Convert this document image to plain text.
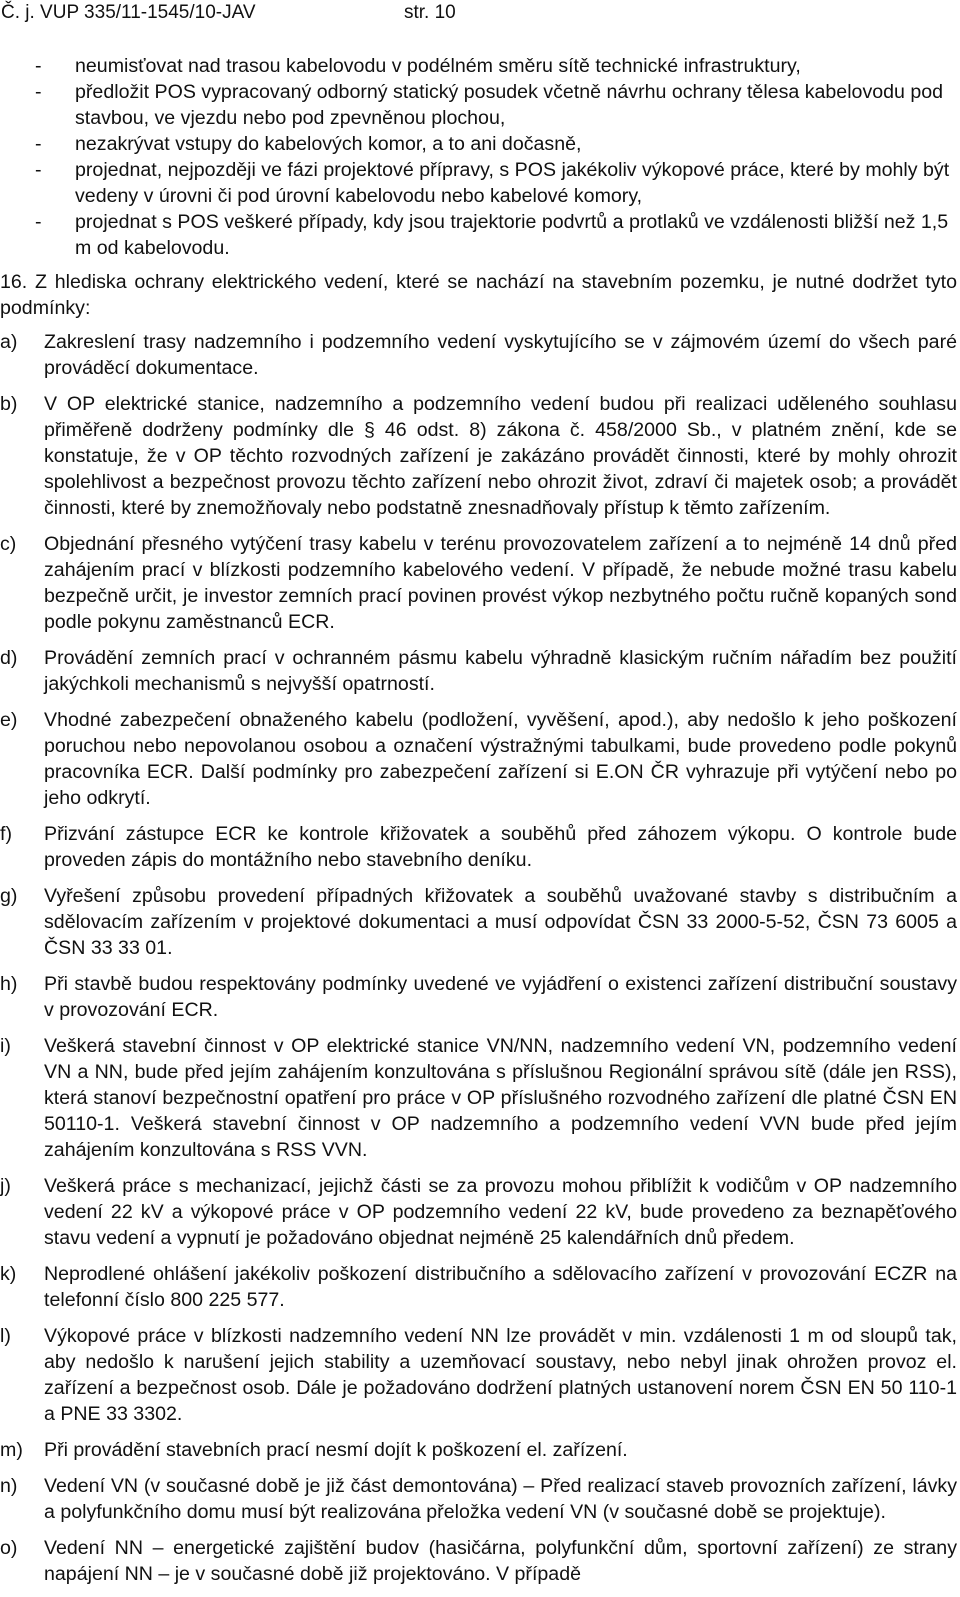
Č. j. VUP 335/11-1545/10-JAV	str. 10
- neumisťovat nad trasou kabelovodu v podélném směru sítě technické infrastruktury,
- předložit POS vypracovaný odborný statický posudek včetně návrhu ochrany tělesa kabelovodu pod stavbou, ve vjezdu nebo pod zpevněnou plochou,
- nezakrývat vstupy do kabelových komor, a to ani dočasně,
- projednat, nejpozději ve fázi projektové přípravy, s POS jakékoliv výkopové práce, které by mohly být vedeny v úrovni či pod úrovní kabelovodu nebo kabelové komory,
- projednat s POS veškeré případy, kdy jsou trajektorie podvrtů a protlaků ve vzdálenosti bližší než 1,5 m od kabelovodu.
16. Z hlediska ochrany elektrického vedení, které se nachází na stavebním pozemku, je nutné dodržet tyto podmínky:
a) Zakreslení trasy nadzemního i podzemního vedení vyskytujícího se v zájmovém území do všech paré prováděcí dokumentace.

b) V OP elektrické stanice, nadzemního a podzemního vedení budou při realizaci uděleného souhlasu přiměřeně dodrženy podmínky dle § 46 odst. 8) zákona č. 458/2000 Sb., v platném znění, kde se konstatuje, že v OP těchto rozvodných zařízení je zakázáno provádět činnosti, které by mohly ohrozit spolehlivost a bezpečnost provozu těchto zařízení nebo ohrozit život, zdraví či majetek osob; a provádět činnosti, které by znemožňovaly nebo podstatně znesnadňovaly přístup k těmto zařízením.

c) Objednání přesného vytýčení trasy kabelu v terénu provozovatelem zařízení a to nejméně 14 dnů před zahájením prací v blízkosti podzemního kabelového vedení. V případě, že nebude možné trasu kabelu bezpečně určit, je investor zemních prací povinen provést výkop nezbytného počtu ručně kopaných sond podle pokynu zaměstnanců ECR.

d) Provádění zemních prací v ochranném pásmu kabelu výhradně klasickým ručním nářadím bez použití jakýchkoli mechanismů s nejvyšší opatrností.

e) Vhodné zabezpečení obnaženého kabelu (podložení, vyvěšení, apod.), aby nedošlo k jeho poškození poruchou nebo nepovolanou osobou a označení výstražnými tabulkami, bude provedeno podle pokynů pracovníka ECR. Další podmínky pro zabezpečení zařízení si E.ON ČR vyhrazuje při vytýčení nebo po jeho odkrytí.

f) Přizvání zástupce ECR ke kontrole křižovatek a souběhů před záhozem výkopu. O kontrole bude proveden zápis do montážního nebo stavebního deníku.

g) Vyřešení způsobu provedení případných křižovatek a souběhů uvažované stavby s distribučním a sdělovacím zařízením v projektové dokumentaci a musí odpovídat ČSN 33 2000-5-52, ČSN 73 6005 a ČSN 33 33 01.

h) Při stavbě budou respektovány podmínky uvedené ve vyjádření o existenci zařízení distribuční soustavy v provozování ECR.

i) Veškerá stavební činnost v OP elektrické stanice VN/NN, nadzemního vedení VN, podzemního vedení VN a NN, bude před jejím zahájením konzultována s příslušnou Regionální správou sítě (dále jen RSS), která stanoví bezpečnostní opatření pro práce v OP příslušného rozvodného zařízení dle platné ČSN EN 50110-1. Veškerá stavební činnost v OP nadzemního a podzemního vedení VVN bude před jejím zahájením konzultována s RSS VVN.

j) Veškerá práce s mechanizací, jejichž části se za provozu mohou přiblížit k vodičům v OP nadzemního vedení 22 kV a výkopové práce v OP podzemního vedení 22 kV, bude provedeno za beznapěťového stavu vedení a vypnutí je požadováno objednat nejméně 25 kalendářních dnů předem.

k) Neprodlené ohlášení jakékoliv poškození distribučního a sdělovacího zařízení v provozování ECZR na telefonní číslo 800 225 577.

l) Výkopové práce v blízkosti nadzemního vedení NN lze provádět v min. vzdálenosti 1 m od sloupů tak, aby nedošlo k narušení jejich stability a uzemňovací soustavy, nebo nebyl jinak ohrožen provoz el. zařízení a bezpečnost osob. Dále je požadováno dodržení platných ustanovení norem ČSN EN 50 110-1 a PNE 33 3302.

m) Při provádění stavebních prací nesmí dojít k poškození el. zařízení.

n) Vedení VN (v současné době je již část demontována) – Před realizací staveb provozních zařízení, lávky a polyfunkčního domu musí být realizována přeložka vedení VN (v současné době se projektuje).

o) Vedení NN – energetické zajištění budov (hasičárna, polyfunkční dům, sportovní zařízení) ze strany napájení NN – je v současné době již projektováno. V případě
